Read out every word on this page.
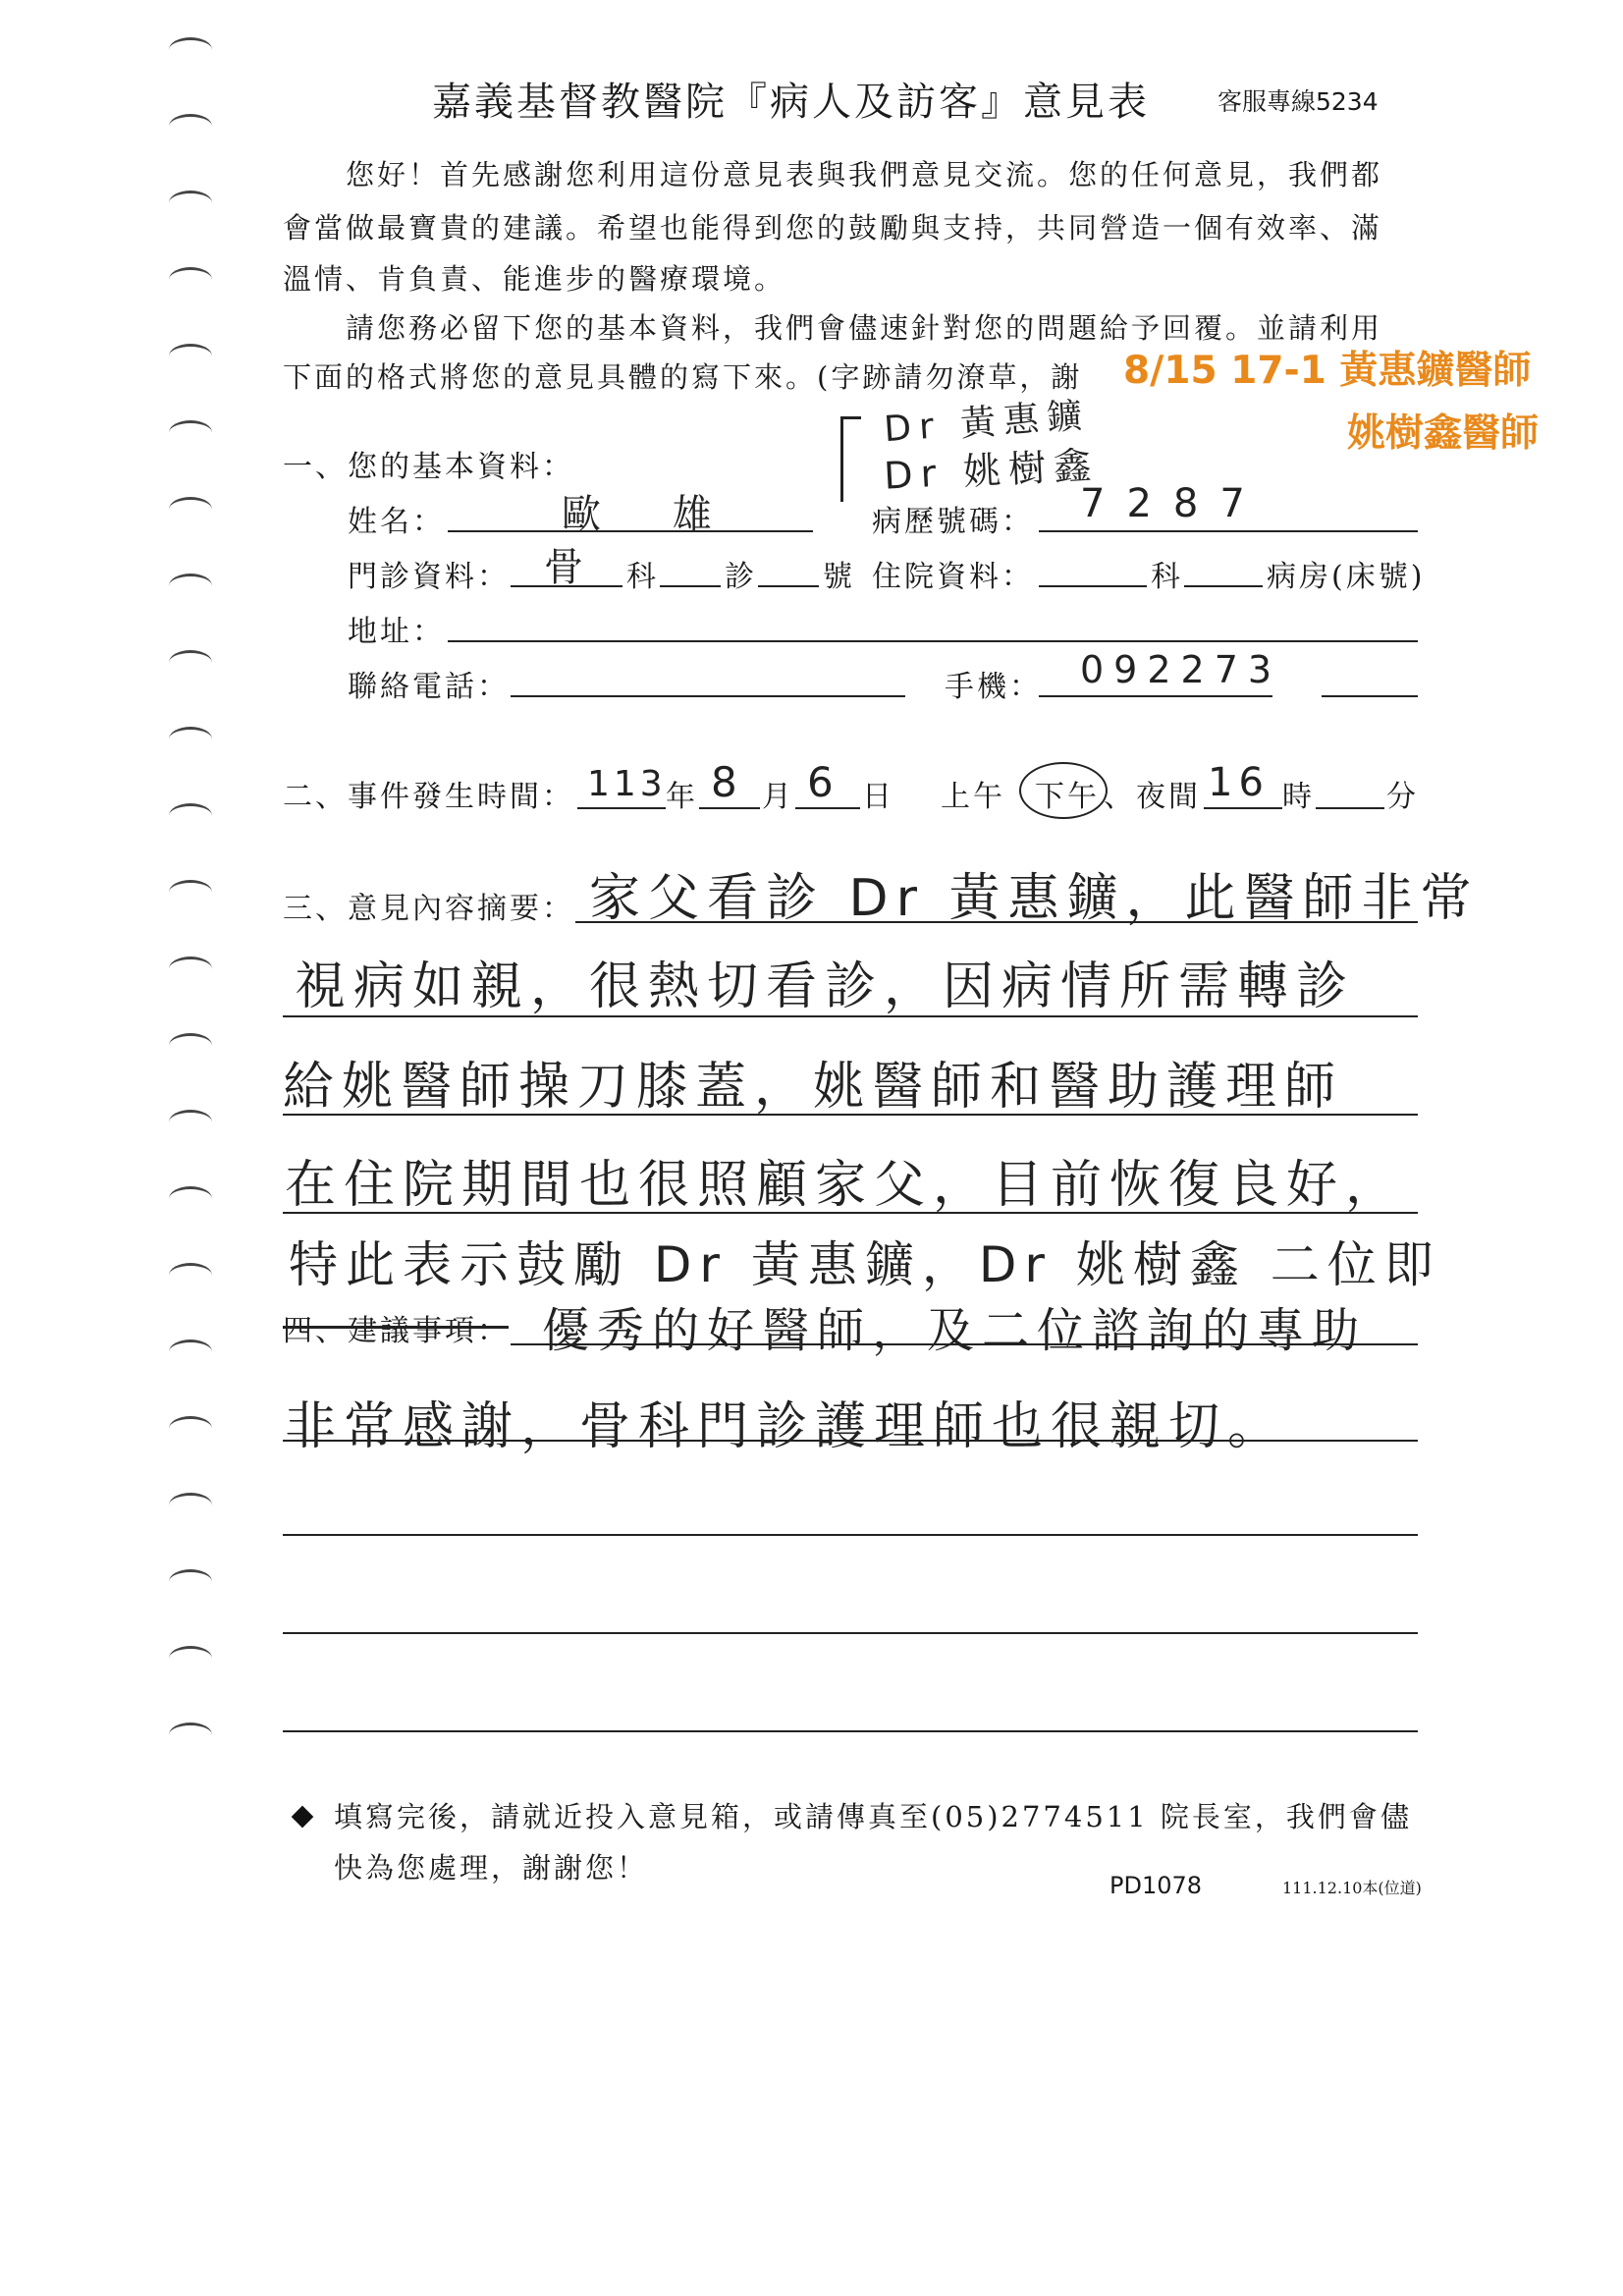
嘉義基督教醫院『病人及訪客』意見表	客服專線5234
您好！首先感謝您利用這份意見表與我們意見交流。您的任何意見，我們都
會當做最寶貴的建議。希望也能得到您的鼓勵與支持，共同營造一個有效率、滿
溫情、肯負責、能進步的醫療環境。
請您務必留下您的基本資料，我們會儘速針對您的問題給予回覆。並請利用
下面的格式將您的意見具體的寫下來。(字跡請勿潦草，謝 8/15 17-1 黃惠鑛醫師
姚樹鑫醫師
一、您的基本資料：
Dr 黃惠鑛
Dr 姚樹鑫
姓名：	歐 雄	病歷號碼： 7287
門診資料： 骨 科 診 號 住院資料：	科	病房(床號)
地址：
聯絡電話：	手機： 092273
二、事件發生時間： 113 年 8 月 6 日 上午 下午 、夜間 16 時 分
三、意見內容摘要： 家父看診 Dr 黃惠鑛，此醫師非常
視病如親，很熱切看診，因病情所需轉診
給姚醫師操刀膝蓋，姚醫師和醫助護理師
在住院期間也很照顧家父，目前恢復良好，
特此表示鼓勵 Dr 黃惠鑛，Dr 姚樹鑫 二位即
四、建議事項： 優秀的好醫師，及二位諮詢的專助
非常感謝，骨科門診護理師也很親切。
填寫完後，請就近投入意見箱，或請傳真至(05)2774511 院長室，我們會儘
快為您處理，謝謝您！
PD1078	111.12.10本(位道)
